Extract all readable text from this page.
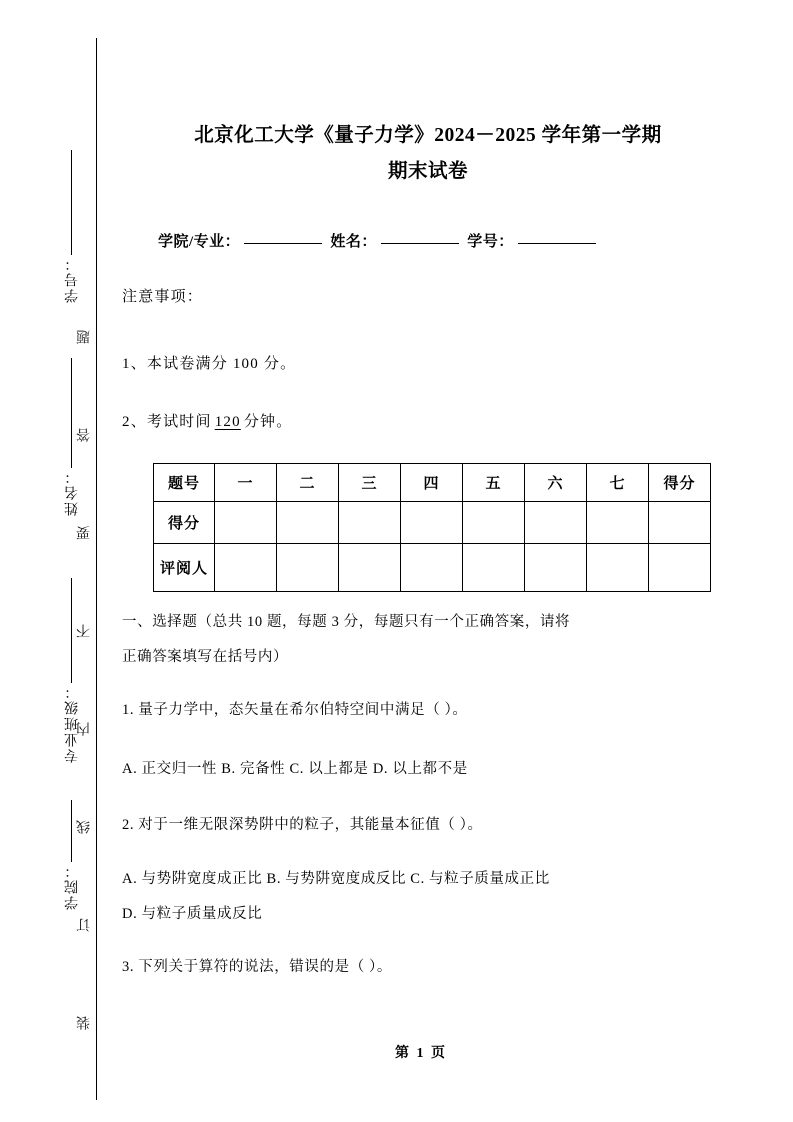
学号：
姓名：
专业班级：
学院：
题
答
要
不
内
线
订
装
北京化工大学《量子力学》2024－2025 学年第一学期
期末试卷
学院/专业：	姓名：	学号：
注意事项：
1、本试卷满分 100 分。
2、考试时间 120 分钟。
题号	一	二	三	四	五	六	七	得分
得分								
评阅人								
一、选择题（总共 10 题，每题 3 分，每题只有一个正确答案，请将
正确答案填写在括号内）
1. 量子力学中，态矢量在希尔伯特空间中满足（ ）。
A. 正交归一性 B. 完备性 C. 以上都是 D. 以上都不是
2. 对于一维无限深势阱中的粒子，其能量本征值（ ）。
A. 与势阱宽度成正比 B. 与势阱宽度成反比 C. 与粒子质量成正比
D. 与粒子质量成反比
3. 下列关于算符的说法，错误的是（ ）。
第 1 页
